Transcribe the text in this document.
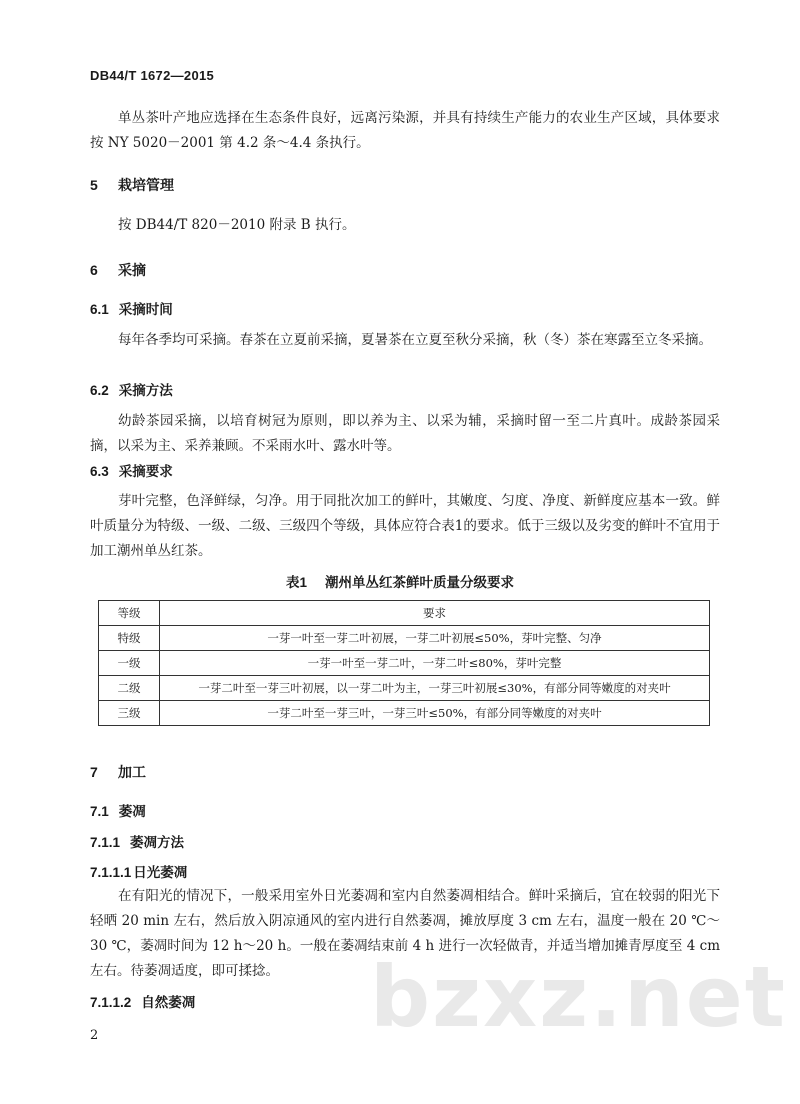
DB44/T 1672—2015
单丛茶叶产地应选择在生态条件良好，远离污染源，并具有持续生产能力的农业生产区域，具体要求按 NY 5020－2001 第 4.2 条～4.4 条执行。
5 栽培管理
按 DB44/T 820－2010 附录 B 执行。
6 采摘
6.1 采摘时间
每年各季均可采摘。春茶在立夏前采摘，夏暑茶在立夏至秋分采摘，秋（冬）茶在寒露至立冬采摘。
6.2 采摘方法
幼龄茶园采摘，以培育树冠为原则，即以养为主、以采为辅，采摘时留一至二片真叶。成龄茶园采摘，以采为主、采养兼顾。不采雨水叶、露水叶等。
6.3 采摘要求
芽叶完整，色泽鲜绿，匀净。用于同批次加工的鲜叶，其嫩度、匀度、净度、新鲜度应基本一致。鲜叶质量分为特级、一级、二级、三级四个等级，具体应符合表1的要求。低于三级以及劣变的鲜叶不宜用于加工潮州单丛红茶。
表1 潮州单丛红茶鲜叶质量分级要求
等级	要求
特级	一芽一叶至一芽二叶初展，一芽二叶初展≤50%，芽叶完整、匀净
一级	一芽一叶至一芽二叶，一芽二叶≤80%，芽叶完整
二级	一芽二叶至一芽三叶初展，以一芽二叶为主，一芽三叶初展≤30%，有部分同等嫩度的对夹叶
三级	一芽二叶至一芽三叶，一芽三叶≤50%，有部分同等嫩度的对夹叶
7 加工
7.1 萎凋
7.1.1 萎凋方法
7.1.1.1 日光萎凋
在有阳光的情况下，一般采用室外日光萎凋和室内自然萎凋相结合。鲜叶采摘后，宜在较弱的阳光下轻晒 20 min 左右，然后放入阴凉通风的室内进行自然萎凋，摊放厚度 3 cm 左右，温度一般在 20 ℃～30 ℃，萎凋时间为 12 h～20 h。一般在萎凋结束前 4 h 进行一次轻做青，并适当增加摊青厚度至 4 cm 左右。待萎凋适度，即可揉捻。
7.1.1.2 自然萎凋
2	bzxz.net
